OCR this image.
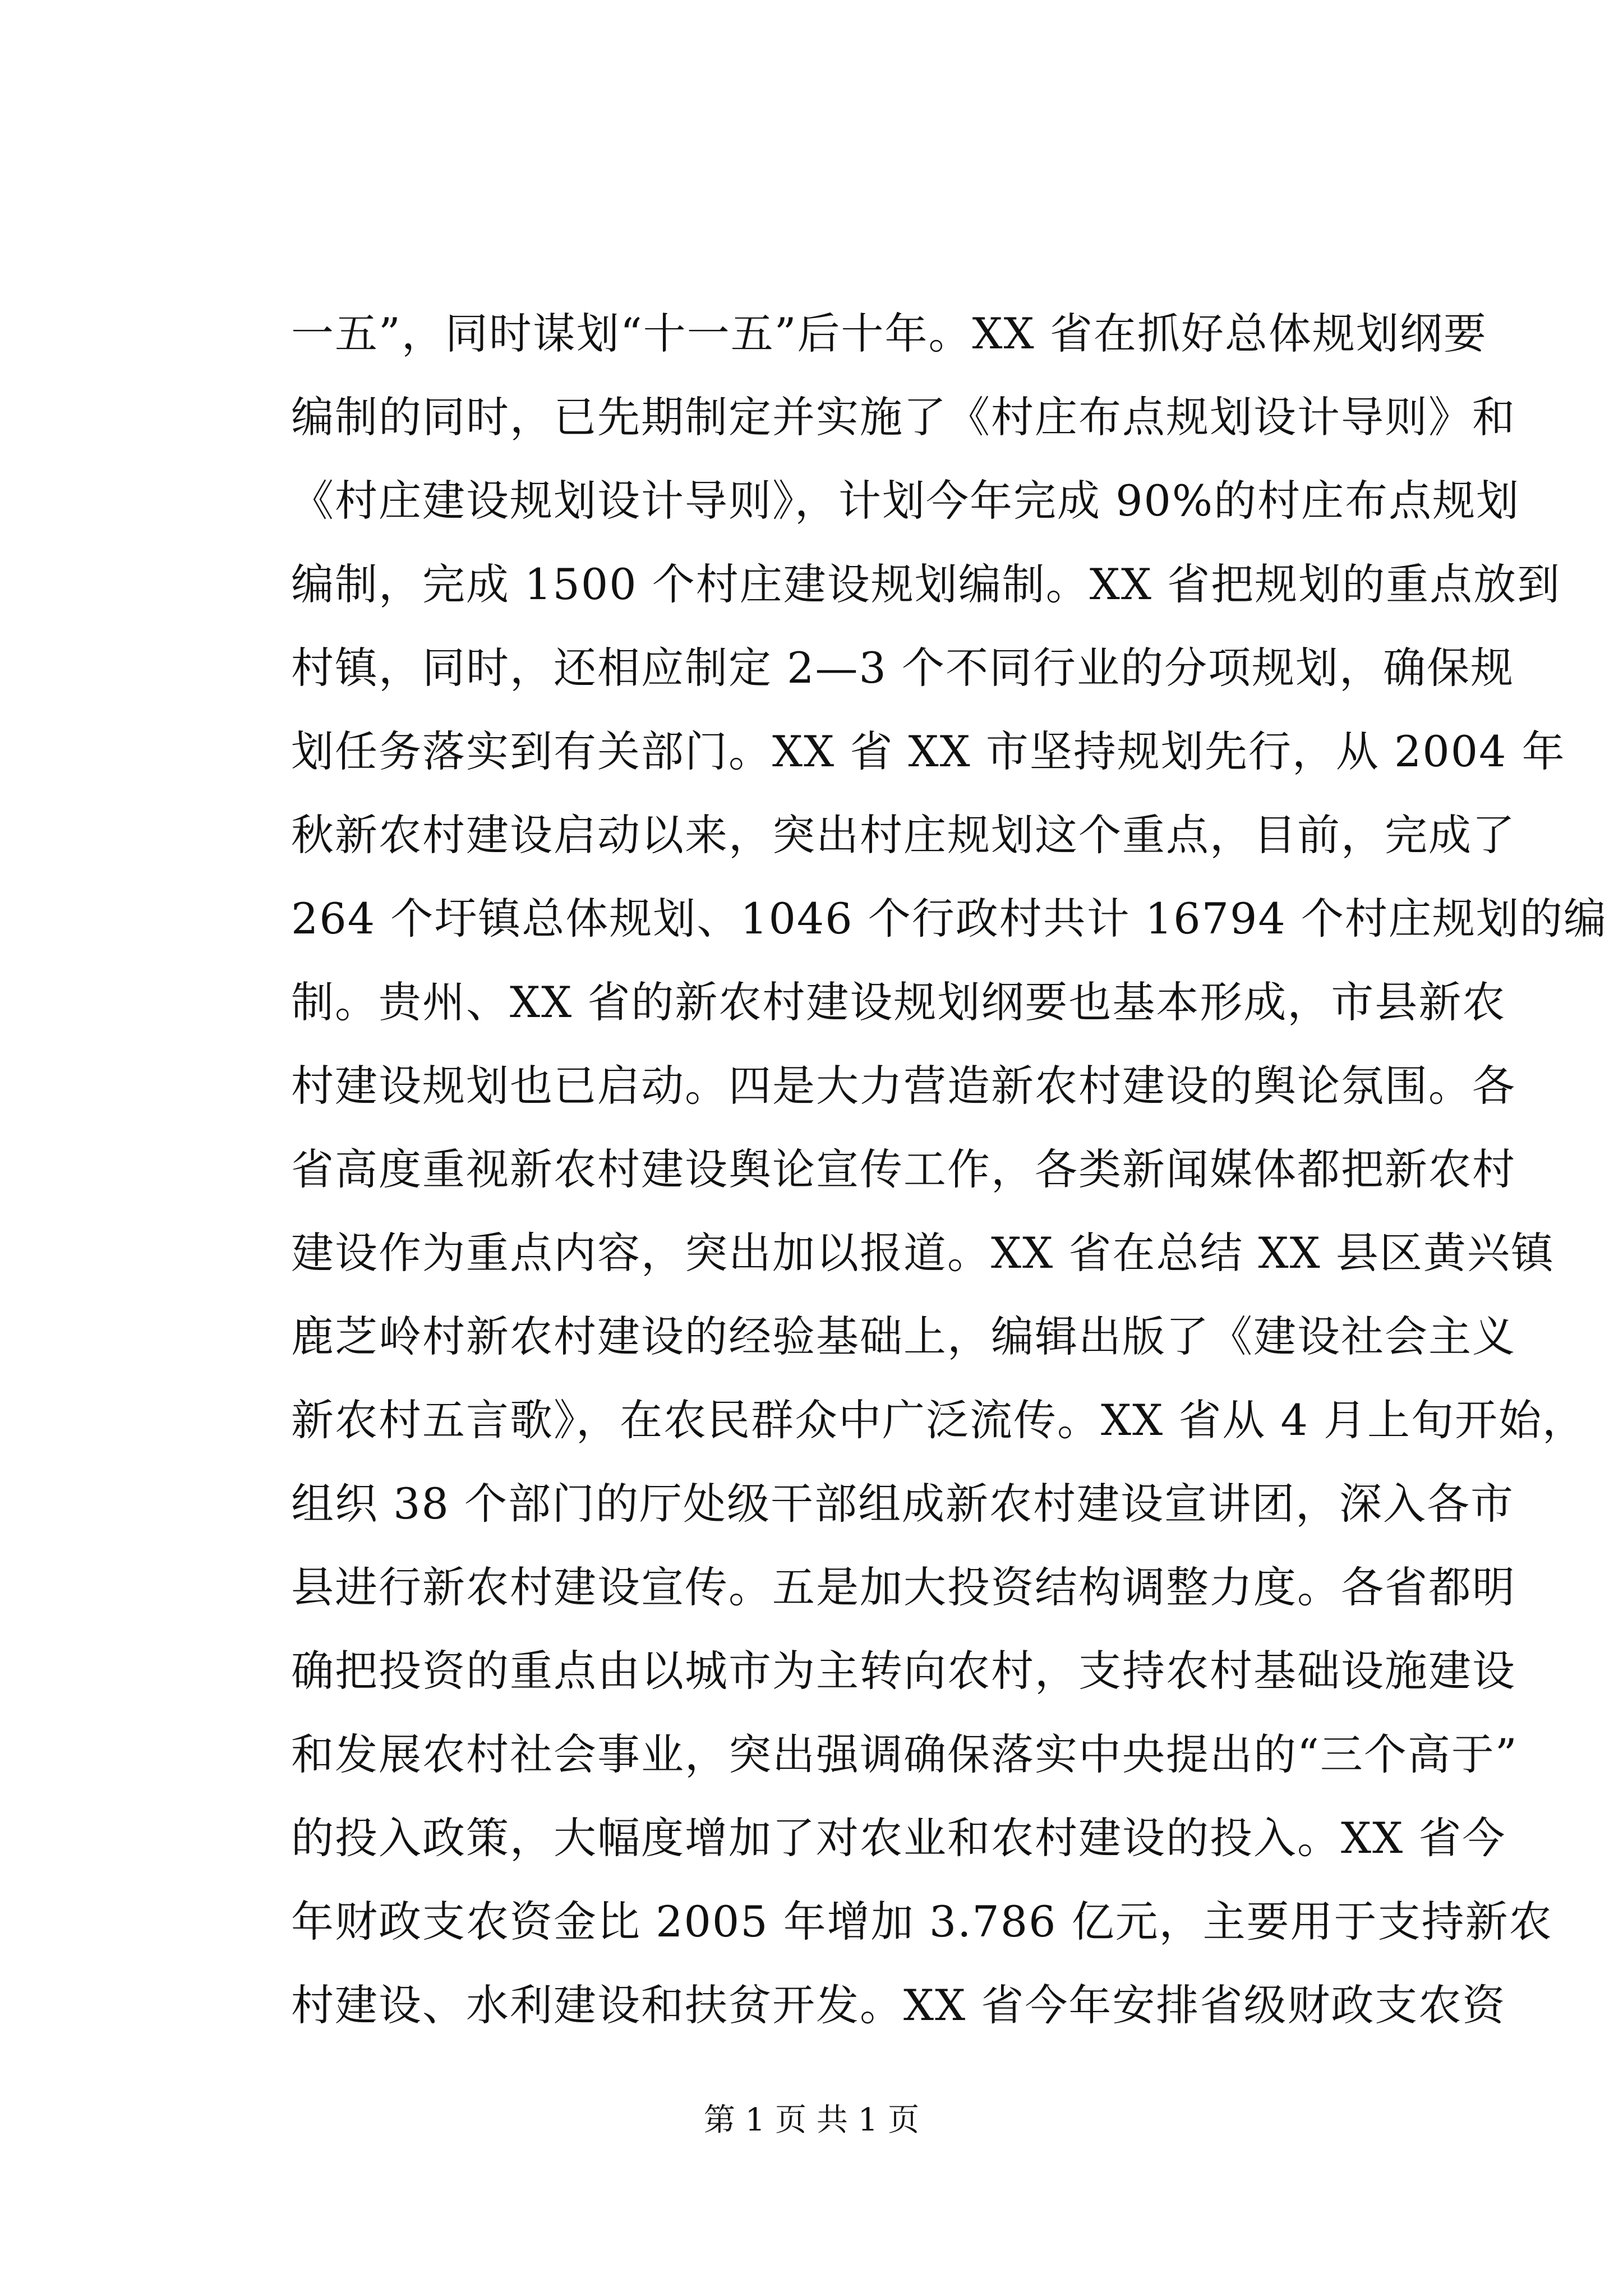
一五”，同时谋划“十一五”后十年。XX 省在抓好总体规划纲要
编制的同时，已先期制定并实施了《村庄布点规划设计导则》和
《村庄建设规划设计导则》，计划今年完成 90%的村庄布点规划
编制，完成 1500 个村庄建设规划编制。XX 省把规划的重点放到
村镇，同时，还相应制定 2—3 个不同行业的分项规划，确保规
划任务落实到有关部门。XX 省 XX 市坚持规划先行，从 2004 年
秋新农村建设启动以来，突出村庄规划这个重点，目前，完成了
264 个圩镇总体规划、1046 个行政村共计 16794 个村庄规划的编
制。贵州、XX 省的新农村建设规划纲要也基本形成，市县新农
村建设规划也已启动。四是大力营造新农村建设的舆论氛围。各
省高度重视新农村建设舆论宣传工作，各类新闻媒体都把新农村
建设作为重点内容，突出加以报道。XX 省在总结 XX 县区黄兴镇
鹿芝岭村新农村建设的经验基础上，编辑出版了《建设社会主义
新农村五言歌》，在农民群众中广泛流传。XX 省从 4 月上旬开始，
组织 38 个部门的厅处级干部组成新农村建设宣讲团，深入各市
县进行新农村建设宣传。五是加大投资结构调整力度。各省都明
确把投资的重点由以城市为主转向农村，支持农村基础设施建设
和发展农村社会事业，突出强调确保落实中央提出的“三个高于”
的投入政策，大幅度增加了对农业和农村建设的投入。XX 省今
年财政支农资金比 2005 年增加 3.786 亿元，主要用于支持新农
村建设、水利建设和扶贫开发。XX 省今年安排省级财政支农资
第 1 页 共 1 页
